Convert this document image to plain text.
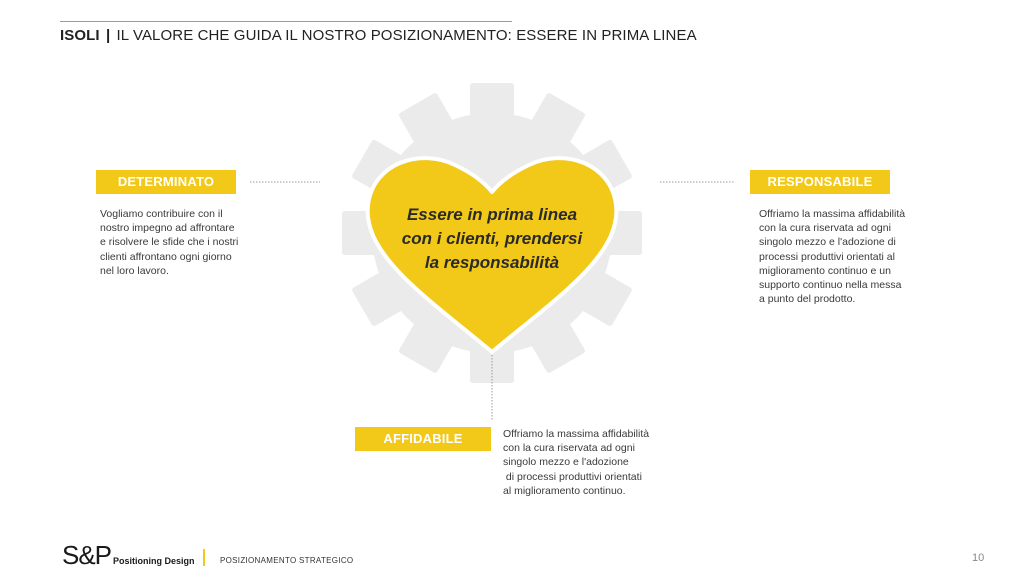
ISOLI | IL VALORE CHE GUIDA IL NOSTRO POSIZIONAMENTO: ESSERE IN PRIMA LINEA
Essere in prima linea
con i clienti, prendersi
la responsabilità
DETERMINATO
Vogliamo contribuire con il
nostro impegno ad affrontare
e risolvere le sfide che i nostri
clienti affrontano ogni giorno
nel loro lavoro.
RESPONSABILE
Offriamo la massima affidabilità
con la cura riservata ad ogni
singolo mezzo e l'adozione di
processi produttivi orientati al
miglioramento continuo e un
supporto continuo nella messa
a punto del prodotto.
AFFIDABILE	Offriamo la massima affidabilità
con la cura riservata ad ogni
singolo mezzo e l'adozione
di processi produttivi orientati
al miglioramento continuo.
S&P Positioning Design	POSIZIONAMENTO STRATEGICO	10
